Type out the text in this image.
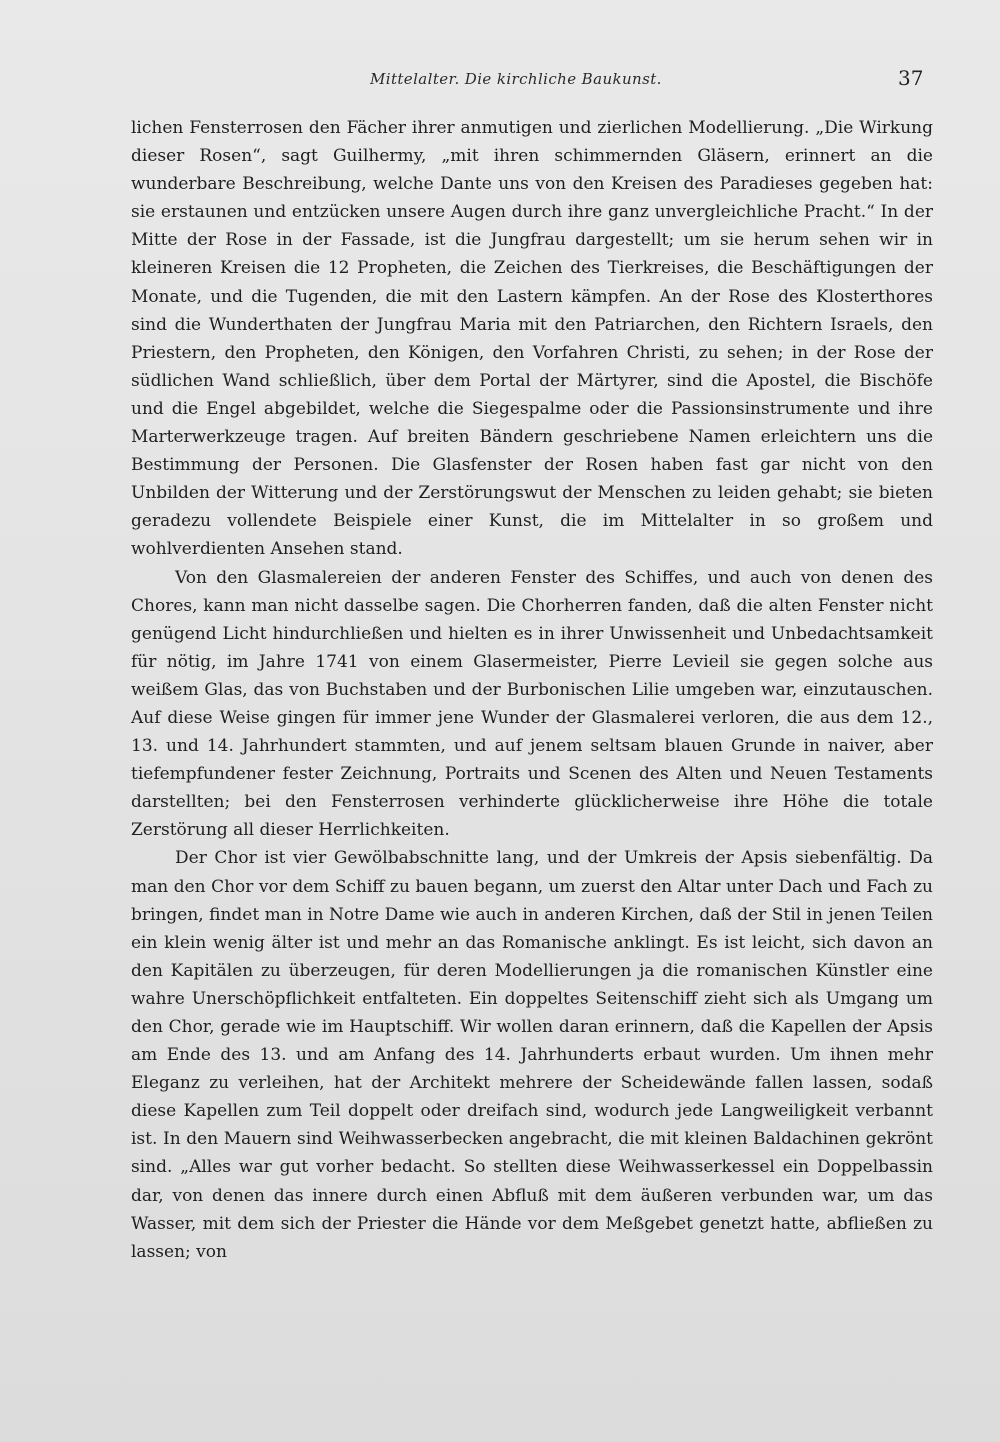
Mittelalter. Die kirchliche Baukunst.	37

lichen Fensterrosen den Fächer ihrer anmutigen und zierlichen Modellierung. „Die Wirkung dieser Rosen“, sagt Guilhermy, „mit ihren schimmernden Gläsern, erinnert an die wunderbare Beschreibung, welche Dante uns von den Kreisen des Paradieses gegeben hat: sie erstaunen und entzücken unsere Augen durch ihre ganz unvergleichliche Pracht.“ In der Mitte der Rose in der Fassade, ist die Jungfrau dargestellt; um sie herum sehen wir in kleineren Kreisen die 12 Propheten, die Zeichen des Tierkreises, die Beschäftigungen der Monate, und die Tugenden, die mit den Lastern kämpfen. An der Rose des Klosterthores sind die Wunderthaten der Jungfrau Maria mit den Patriarchen, den Richtern Israels, den Priestern, den Propheten, den Königen, den Vorfahren Christi, zu sehen; in der Rose der südlichen Wand schließlich, über dem Portal der Märtyrer, sind die Apostel, die Bischöfe und die Engel abgebildet, welche die Siegespalme oder die Passionsinstrumente und ihre Marterwerkzeuge tragen. Auf breiten Bändern geschriebene Namen erleichtern uns die Bestimmung der Personen. Die Glasfenster der Rosen haben fast gar nicht von den Unbilden der Witterung und der Zerstörungswut der Menschen zu leiden gehabt; sie bieten geradezu vollendete Beispiele einer Kunst, die im Mittelalter in so großem und wohlverdienten Ansehen stand.

Von den Glasmalereien der anderen Fenster des Schiffes, und auch von denen des Chores, kann man nicht dasselbe sagen. Die Chorherren fanden, daß die alten Fenster nicht genügend Licht hindurchließen und hielten es in ihrer Unwissenheit und Unbedachtsamkeit für nötig, im Jahre 1741 von einem Glasermeister, Pierre Levieil sie gegen solche aus weißem Glas, das von Buchstaben und der Burbonischen Lilie umgeben war, einzutauschen. Auf diese Weise gingen für immer jene Wunder der Glasmalerei verloren, die aus dem 12., 13. und 14. Jahrhundert stammten, und auf jenem seltsam blauen Grunde in naiver, aber tiefempfundener fester Zeichnung, Portraits und Scenen des Alten und Neuen Testaments darstellten; bei den Fensterrosen verhinderte glücklicherweise ihre Höhe die totale Zerstörung all dieser Herrlichkeiten.

Der Chor ist vier Gewölbabschnitte lang, und der Umkreis der Apsis siebenfältig. Da man den Chor vor dem Schiff zu bauen begann, um zuerst den Altar unter Dach und Fach zu bringen, findet man in Notre Dame wie auch in anderen Kirchen, daß der Stil in jenen Teilen ein klein wenig älter ist und mehr an das Romanische anklingt. Es ist leicht, sich davon an den Kapitälen zu überzeugen, für deren Modellierungen ja die romanischen Künstler eine wahre Unerschöpflichkeit entfalteten. Ein doppeltes Seitenschiff zieht sich als Umgang um den Chor, gerade wie im Hauptschiff. Wir wollen daran erinnern, daß die Kapellen der Apsis am Ende des 13. und am Anfang des 14. Jahrhunderts erbaut wurden. Um ihnen mehr Eleganz zu verleihen, hat der Architekt mehrere der Scheidewände fallen lassen, sodaß diese Kapellen zum Teil doppelt oder dreifach sind, wodurch jede Langweiligkeit verbannt ist. In den Mauern sind Weihwasserbecken angebracht, die mit kleinen Baldachinen gekrönt sind. „Alles war gut vorher bedacht. So stellten diese Weihwasserkessel ein Doppelbassin dar, von denen das innere durch einen Abfluß mit dem äußeren verbunden war, um das Wasser, mit dem sich der Priester die Hände vor dem Meßgebet genetzt hatte, abfließen zu lassen; von
